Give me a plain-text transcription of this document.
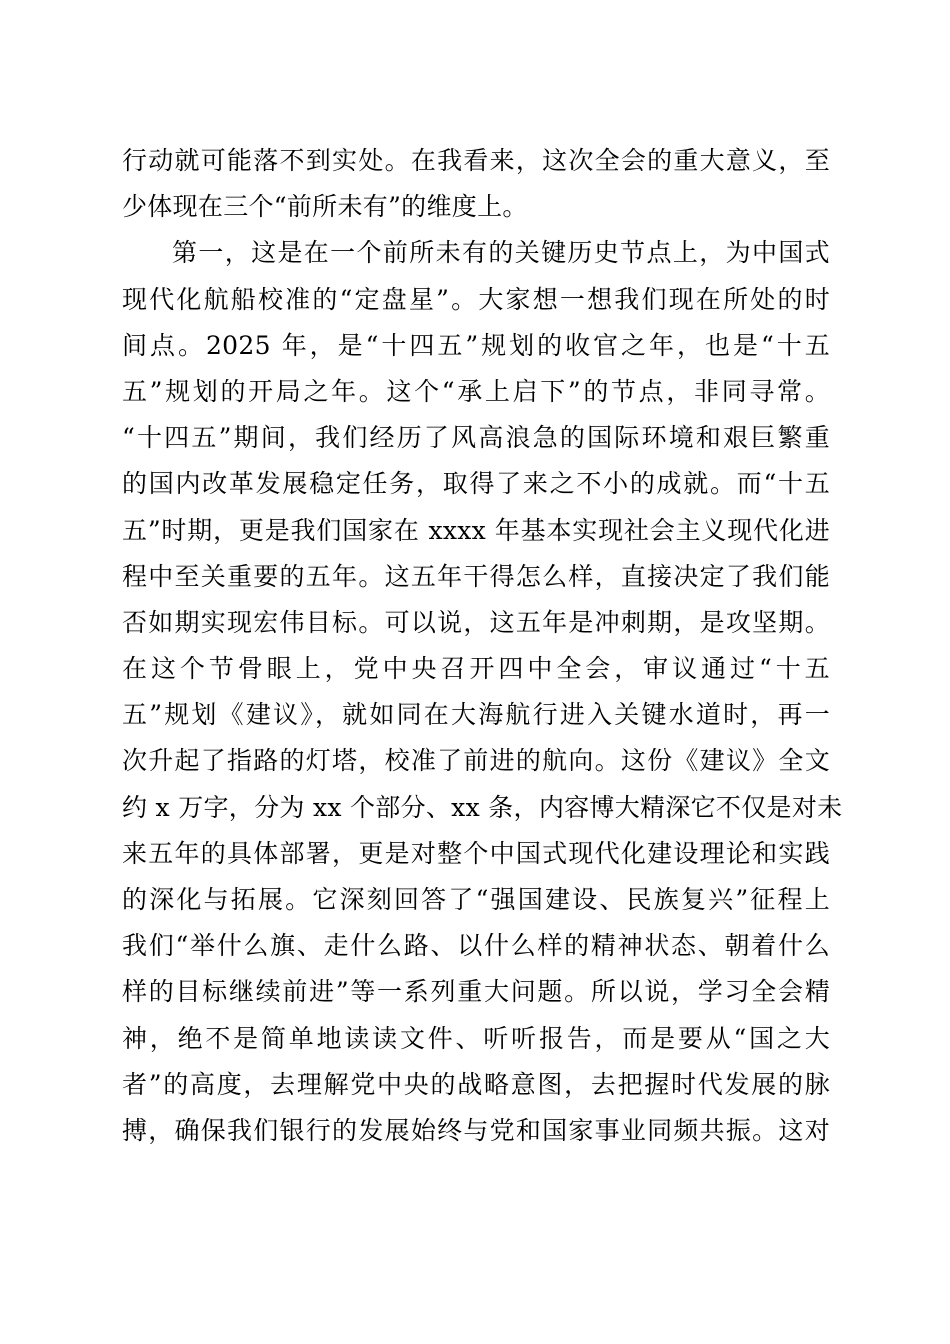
行动就可能落不到实处。在我看来，这次全会的重大意义，至
少体现在三个“前所未有”的维度上。
第一，这是在一个前所未有的关键历史节点上，为中国式
现代化航船校准的“定盘星”。大家想一想我们现在所处的时
间点。2025 年，是“十四五”规划的收官之年，也是“十五
五”规划的开局之年。这个“承上启下”的节点，非同寻常。
“十四五”期间，我们经历了风高浪急的国际环境和艰巨繁重
的国内改革发展稳定任务，取得了来之不小的成就。而“十五
五”时期，更是我们国家在 xxxx 年基本实现社会主义现代化进
程中至关重要的五年。这五年干得怎么样，直接决定了我们能
否如期实现宏伟目标。可以说，这五年是冲刺期，是攻坚期。
在这个节骨眼上，党中央召开四中全会，审议通过“十五
五”规划《建议》，就如同在大海航行进入关键水道时，再一
次升起了指路的灯塔，校准了前进的航向。这份《建议》全文
约 x 万字，分为 xx 个部分、xx 条，内容博大精深它不仅是对未
来五年的具体部署，更是对整个中国式现代化建设理论和实践
的深化与拓展。它深刻回答了“强国建设、民族复兴”征程上
我们“举什么旗、走什么路、以什么样的精神状态、朝着什么
样的目标继续前进”等一系列重大问题。所以说，学习全会精
神，绝不是简单地读读文件、听听报告，而是要从“国之大
者”的高度，去理解党中央的战略意图，去把握时代发展的脉
搏，确保我们银行的发展始终与党和国家事业同频共振。这对
